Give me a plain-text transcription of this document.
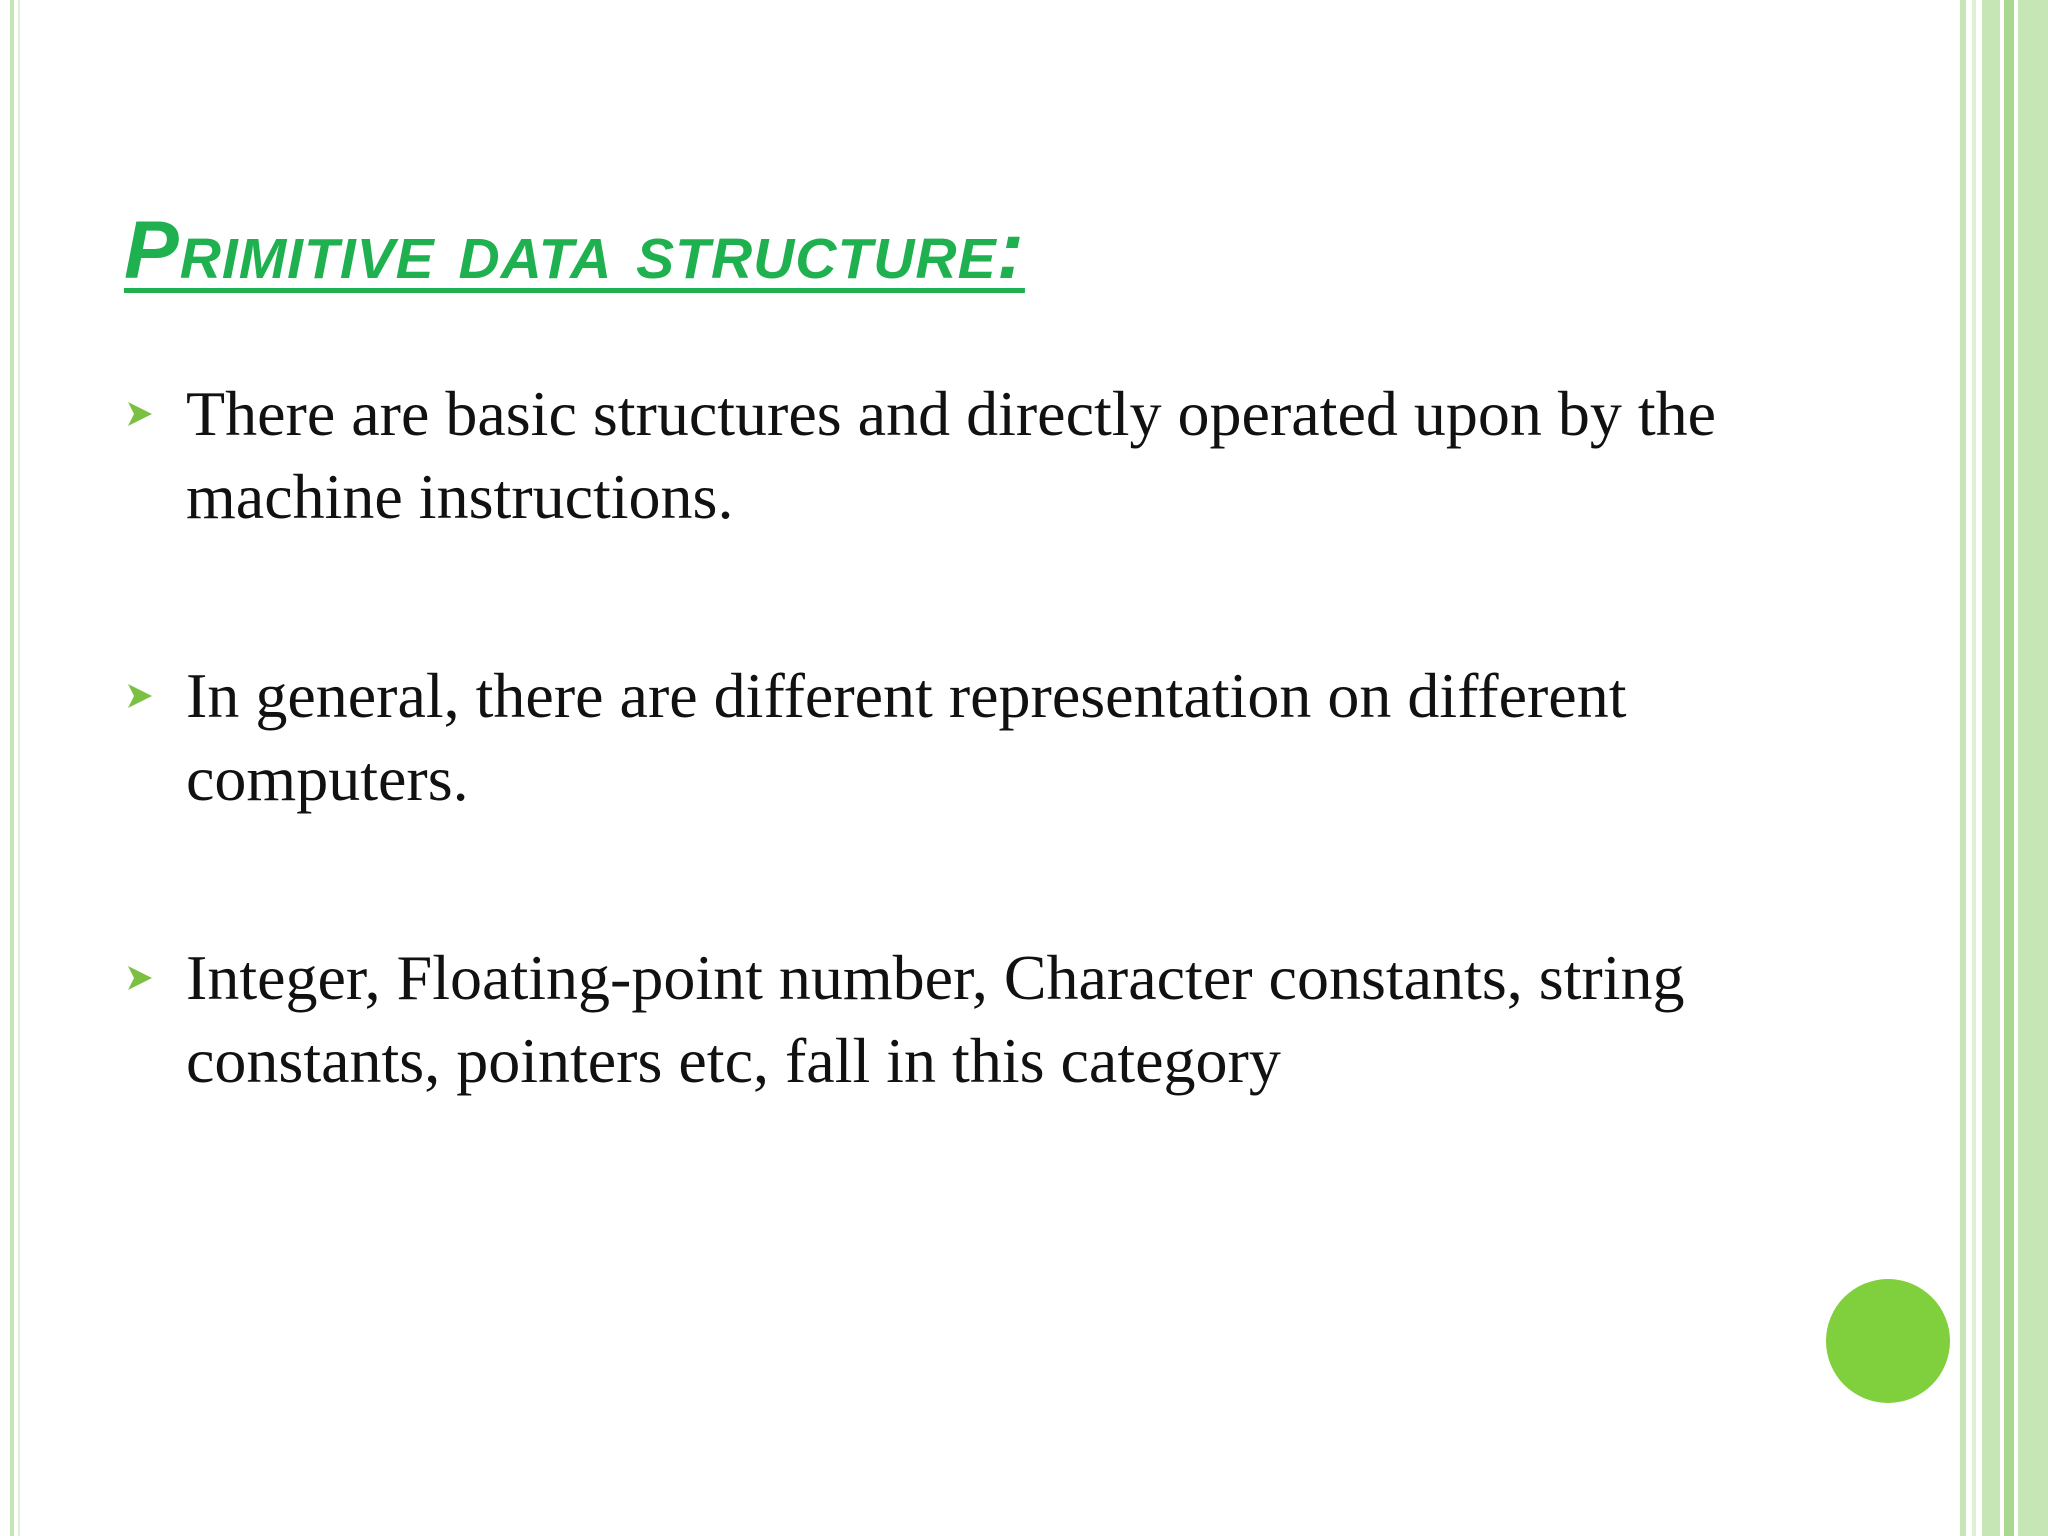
Primitive data structure:
There are basic structures and directly operated upon by the machine instructions.
In general, there are different representation on different computers.
Integer, Floating-point number, Character constants, string constants, pointers etc, fall in this category
